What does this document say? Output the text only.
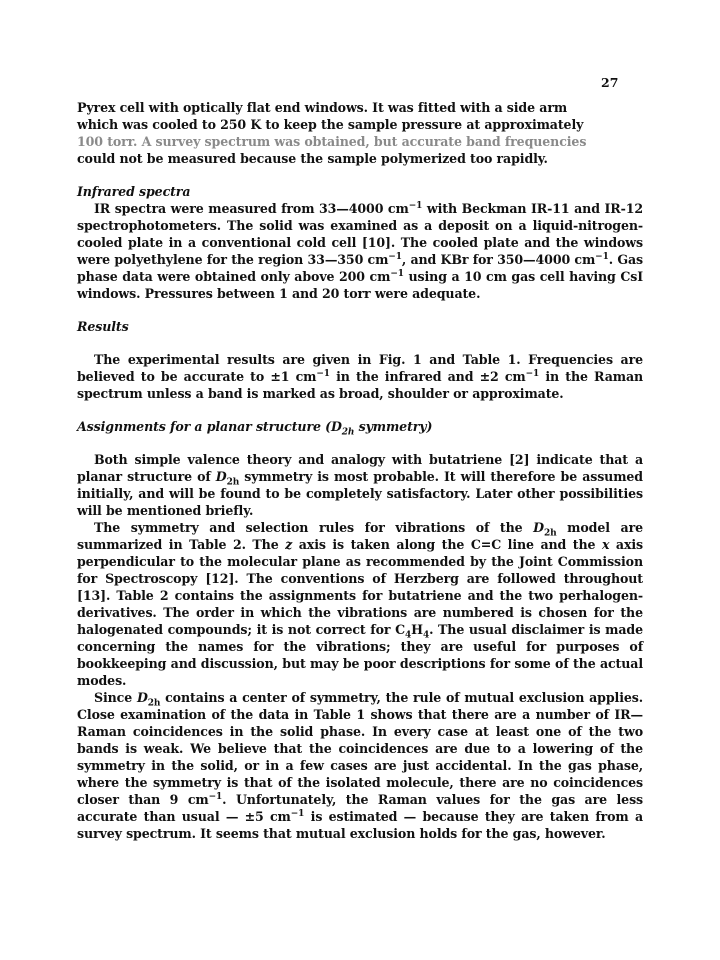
27

Pyrex cell with optically flat end windows. It was fitted with a side arm

which was cooled to 250 K to keep the sample pressure at approximately

100 torr. A survey spectrum was obtained, but accurate band frequencies

could not be measured because the sample polymerized too rapidly.

Infrared spectra

IR spectra were measured from 33—4000 $cm^{-1}$ with Beckman IR-11 and IR-12 spectrophotometers. The solid was examined as a deposit on a liquid-nitrogen-cooled plate in a conventional cold cell [10]. The cooled plate and the windows were polyethylene for the region 33—350 $cm^{-1}$, and KBr for 350—4000 $cm^{-1}$. Gas phase data were obtained only above 200 $cm^{-1}$ using a 10 cm gas cell having CsI windows. Pressures between 1 and 20 torr were adequate.

Results

The experimental results are given in Fig. 1 and Table 1. Frequencies are believed to be accurate to ±1 $cm^{-1}$ in the infrared and ±2 $cm^{-1}$ in the Raman spectrum unless a band is marked as broad, shoulder or approximate.

Assignments for a planar structure ($D_{2h}$ symmetry)

Both simple valence theory and analogy with butatriene [2] indicate that a planar structure of $D_{2h}$ symmetry is most probable. It will therefore be assumed initially, and will be found to be completely satisfactory. Later other possibilities will be mentioned briefly.

The symmetry and selection rules for vibrations of the $D_{2h}$ model are summarized in Table 2. The z axis is taken along the C=C line and the x axis perpendicular to the molecular plane as recommended by the Joint Commission for Spectroscopy [12]. The conventions of Herzberg are followed throughout [13]. Table 2 contains the assignments for butatriene and the two perhalogen-derivatives. The order in which the vibrations are numbered is chosen for the halogenated compounds; it is not correct for $C_4H_4$. The usual disclaimer is made concerning the names for the vibrations; they are useful for purposes of bookkeeping and discussion, but may be poor descriptions for some of the actual modes.

Since $D_{2h}$ contains a center of symmetry, the rule of mutual exclusion applies. Close examination of the data in Table 1 shows that there are a number of IR—Raman coincidences in the solid phase. In every case at least one of the two bands is weak. We believe that the coincidences are due to a lowering of the symmetry in the solid, or in a few cases are just accidental. In the gas phase, where the symmetry is that of the isolated molecule, there are no coincidences closer than 9 $cm^{-1}$. Unfortunately, the Raman values for the gas are less accurate than usual — ±5 $cm^{-1}$ is estimated — because they are taken from a survey spectrum. It seems that mutual exclusion holds for the gas, however.
